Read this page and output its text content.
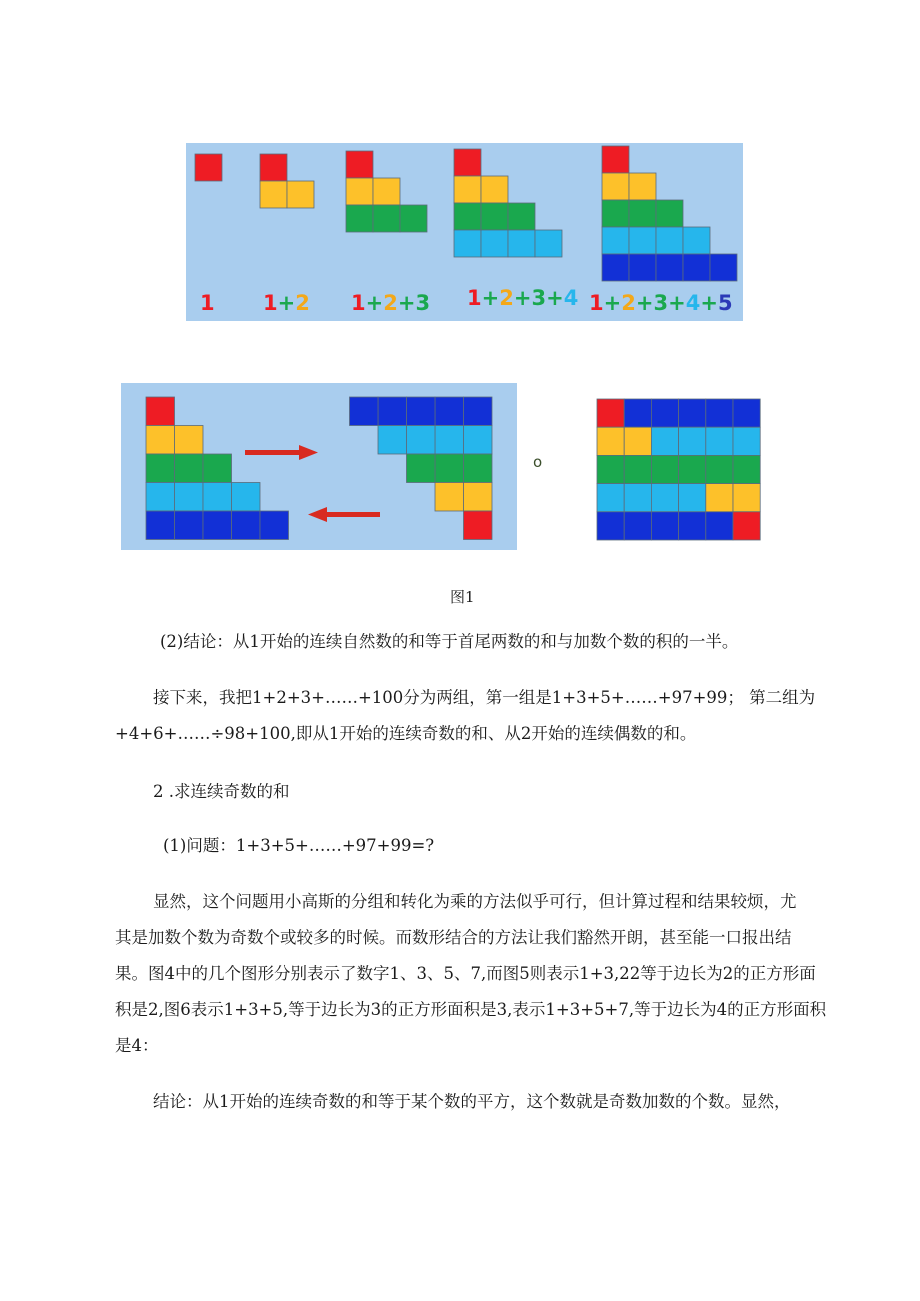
1 1+2 1+2+3 1+2+3+4 1+2+3+4+5
o
图1

(2)结论：从1开始的连续自然数的和等于首尾两数的和与加数个数的积的一半。

接下来，我把1+2+3+……+100分为两组，第一组是1+3+5+……+97+99； 第二组为

+4+6+……÷98+100,即从1开始的连续奇数的和、从2开始的连续偶数的和。

2 .求连续奇数的和

(1)问题：1+3+5+……+97+99=?

显然，这个问题用小高斯的分组和转化为乘的方法似乎可行，但计算过程和结果较烦，尤

其是加数个数为奇数个或较多的时候。而数形结合的方法让我们豁然开朗，甚至能一口报出结

果。图4中的几个图形分别表示了数字1、3、5、7,而图5则表示1+3,22等于边长为2的正方形面

积是2,图6表示1+3+5,等于边长为3的正方形面积是3,表示1+3+5+7,等于边长为4的正方形面积

是4：

结论：从1开始的连续奇数的和等于某个数的平方，这个数就是奇数加数的个数。显然，
